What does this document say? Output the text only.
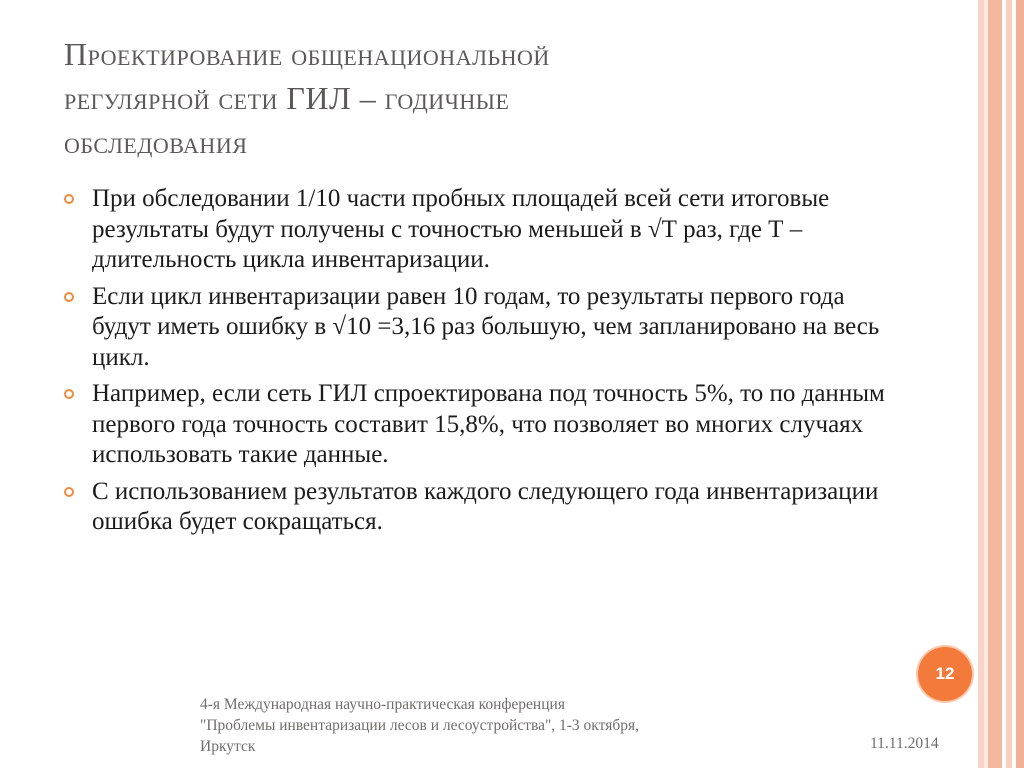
Проектирование общенациональной
регулярной сети ГИЛ – годичные
обследования
При обследовании 1/10 части пробных площадей всей сети итоговые результаты будут получены с точностью меньшей в √Т раз, где Т – длительность цикла инвентаризации.
Если цикл инвентаризации равен 10 годам, то результаты первого года будут иметь ошибку в √10 =3,16 раз большую, чем запланировано на весь цикл.
Например, если сеть ГИЛ спроектирована под точность 5%, то по данным первого года точность составит 15,8%, что позволяет во многих случаях использовать такие данные.
С использованием результатов каждого следующего года инвентаризации ошибка будет сокращаться.
12
4-я Международная научно-практическая конференция
"Проблемы инвентаризации лесов и лесоустройства", 1-3 октября,
Иркутск	11.11.2014
